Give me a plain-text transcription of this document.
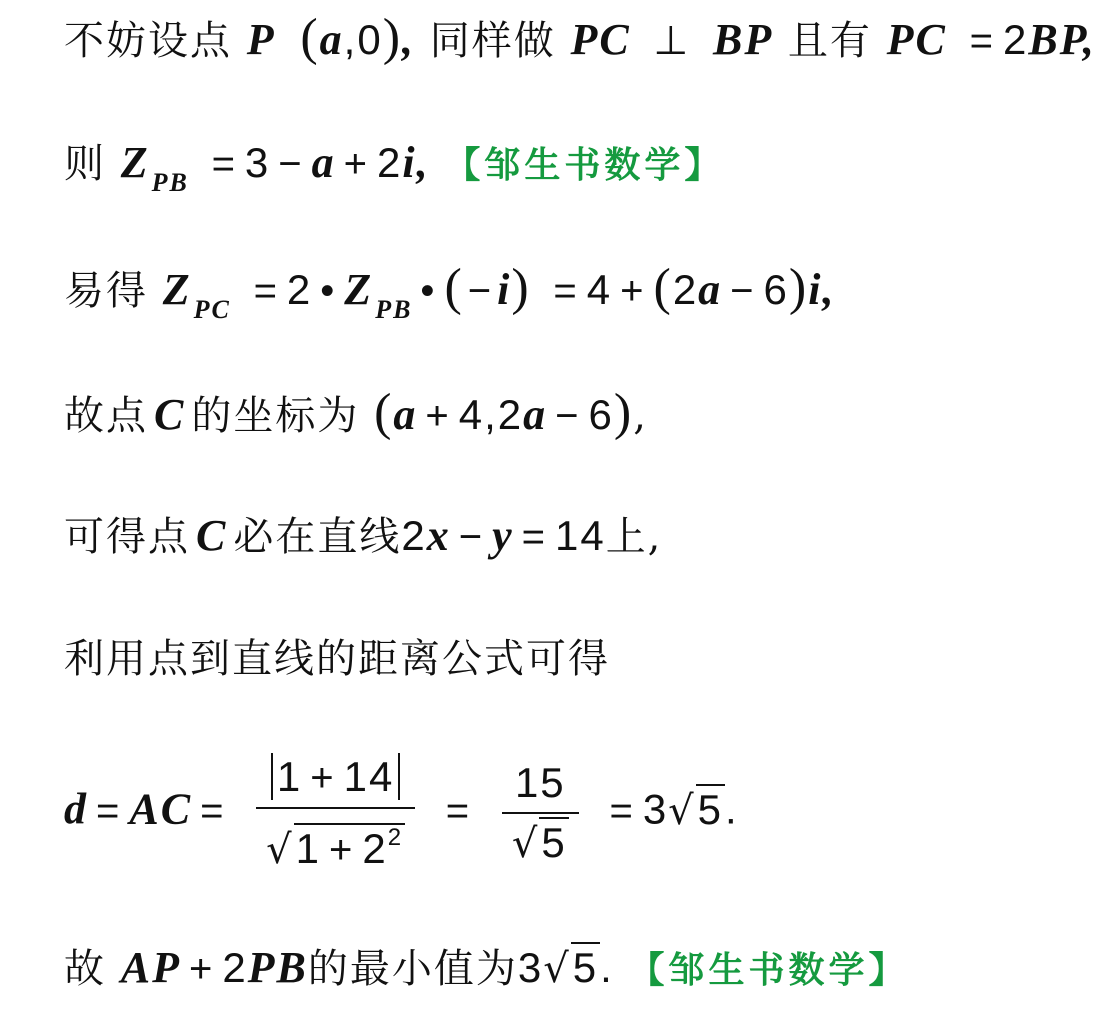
不妨设点 P (a,0), 同样做 PC ⊥ BP 且有 PC = 2BP,
则 $Z_{PB} = 3 - a + 2i$, 【邹生书数学】
易得 $Z_{PC} = 2$ • $Z_{PB}$ • ( −i) = 4 + (2a − 6)i,
故点 C 的坐标为 (a + 4,2a − 6),
可得点 C 必在直线2x − y = 14上,
利用点到直线的距离公式可得
d = AC = 1 + 14
√ $1 + 2^2 = 15$
√ 5 = 3 √ 5.
故 AP + 2PB的最小值为3 √ 5. 【邹生书数学】
